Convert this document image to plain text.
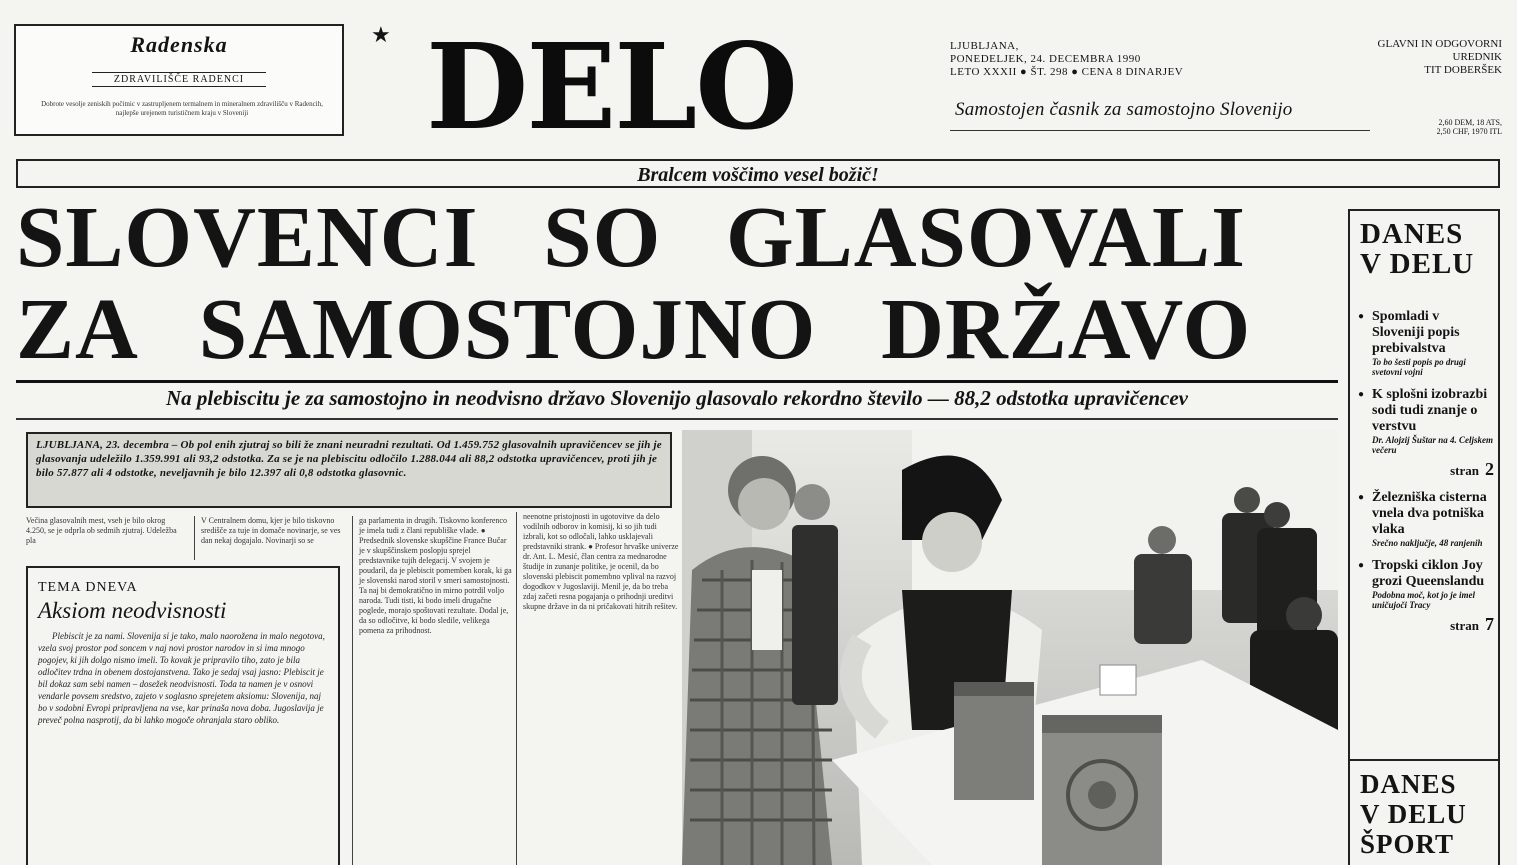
Radenska
ZDRAVILIŠČE RADENCI
Dobrote vesolje zeniskih počitnic v zastrupljenem termalnem in mineralnem zdravilišču v Radencih, najlepše urejenem turističnem kraju v Sloveniji
★ DELO	LJUBLJANA,
PONEDELJEK, 24. DECEMBRA 1990
LETO XXXII ● ŠT. 298 ● CENA 8 DINARJEV
Samostojen časnik za samostojno Slovenijo
GLAVNI IN ODGOVORNI
UREDNIK
TIT DOBERŠEK
2,60 DEM, 18 ATS,
2,50 CHF, 1970 ITL
Bralcem voščimo vesel božič!
SLOVENCI SO GLASOVALI
ZA SAMOSTOJNO DRŽAVO
Na plebiscitu je za samostojno in neodvisno državo Slovenijo glasovalo rekordno število — 88,2 odstotka upravičencev
LJUBLJANA, 23. decembra – Ob pol enih zjutraj so bili že znani neuradni rezultati. Od 1.459.752 glasovalnih upravičencev se jih je glasovanja udeležilo 1.359.991 ali 93,2 odstotka. Za se je na plebiscitu odločilo 1.288.044 ali 88,2 odstotka upravičencev, proti jih je bilo 57.877 ali 4 odstotke, neveljavnih je bilo 12.397 ali 0,8 odstotka glasovnic.
Večina glasovalnih mest, vseh je bilo okrog 4.250, se je odprla ob sedmih zjutraj. Udeležba pla
V Centralnem domu, kjer je bilo tiskovno središče za tuje in domače novinarje, se ves dan nekaj dogajalo. Novinarji so se
ga parlamenta in drugih. Tiskovno konferenco je imela tudi z člani republiške vlade. ● Predsednik slovenske skupščine France Bučar je v skupščinskem poslopju sprejel predstavnike tujih delegacij. V svojem je poudaril, da je plebiscit pomemben korak, ki ga je slovenski narod storil v smeri samostojnosti. Ta naj bi demokratično in mirno potrdil voljo naroda. Tudi tisti, ki bodo imeli drugačne poglede, morajo spoštovati rezultate. Dodal je, da so odločitve, ki bodo sledile, velikega pomena za prihodnost.
neenotne pristojnosti in ugotovitve da delo vodilnih odborov in komisij, ki so jih tudi izbrali, kot so odločali, lahko usklajevali predstavniki strank. ● Profesor hrvaške univerze dr. Ant. L. Mesić, član centra za mednarodne študije in zunanje politike, je ocenil, da bo slovenski plebiscit pomembno vplival na razvoj dogodkov v Jugoslaviji. Menil je, da bo treba zdaj začeti resna pogajanja o prihodnji ureditvi skupne države in da ni pričakovati hitrih rešitev.
TEMA DNEVA
Aksiom neodvisnosti
Plebiscit je za nami. Slovenija si je tako, malo naorožena in malo negotova, vzela svoj prostor pod soncem v naj novi prostor narodov in si ima mnogo pogojev, ki jih dolgo nismo imeli. To kovak je pripravilo tiho, zato je bila odločitev trdna in obenem dostojanstvena. Tako je sedaj vsaj jasno: Plebiscit je bil dokaz sam sebi namen – dosežek neodvisnosti. Toda ta namen je v osnovi vendarle povsem sredstvo, zajeto v soglasno sprejetem aksiomu: Slovenija, naj bo v sodobni Evropi pripravljena na vse, kar prinaša nova doba. Jugoslavija je preveč polna nasprotij, da bi lahko mogoče ohranjala staro obliko.
DANES
V DELU
● Spomladi v Sloveniji popis prebivalstva
To bo šesti popis po drugi svetovni vojni
● K splošni izobrazbi sodi tudi znanje o verstvu
Dr. Alojzij Šuštar na 4. Celjskem večeru
stran 2
● Železniška cisterna vnela dva potniška vlaka
Srečno naključje, 48 ranjenih
● Tropski ciklon Joy grozi Queenslandu
Podobna moč, kot jo je imel uničujoči Tracy
stran 7
DANES
V DELU
ŠPORT
